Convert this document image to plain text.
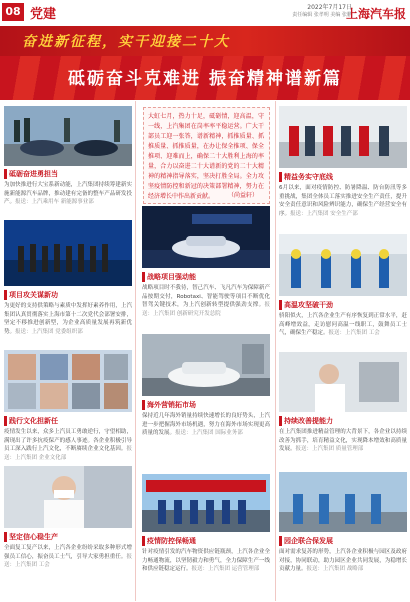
08 党建	2022年7月17日
责任编辑 张孝明 美编 张鹏
上海汽车报
奋进新征程，实干迎接二十大
砥砺奋斗克难进 振奋精神谱新篇
砥砺奋进勇担当
为加快推进行大宝系新动能，上汽集团持续筹建新实施新能源汽车品牌，推动建有完备的整车产品研发投产。报送：上汽乘用车 新能源事业部
项目攻关谋新功
为更好的支持供策略与素质中发挥好素养作用，上汽集团认真贯彻落实上海市第十二次党代会部署安排，坚定不移推进创新型，为企业高质量发展再筑新优势。报送：上汽集团 党委组织部
践行文化担新任
疫情发生以来，众多上汽员工勇敢逆行，守望相助，满现出了许多抗疫保产的感人事迹。各企业积极引导员工深入践行上汽文化，不断赓续企业文化基因。报送：上汽集团 企业文化部
坚定信心稳生产
全面复工复产以来，上汽各企业纷纷采取多种形式增强员工信心，振奋员工士气，引导大家勇担重任。报送：上汽集团 工会
大虹七月，热力十足，砥砺情，迎高温，守一线，上汽集团在岗率率平稳运营。广大干部员工迎一张答，谱新精神，抓推质量、抓推质量、抓推质量，在办让保全推项、保全推项、迎难而上，确保二十大胜利上海的率量，合力以奋进二十大谱新的党的二十大精神的精神指导落实，坚决打胜全局。全力攻坚疫情防控和新冠的决策部署精神，努力在经济增长中作出新贡献。	（尚益轩）
战略项目强动能
战略项目时不我待，智己汽车、飞凡汽车为保障新产品按期交付，Robotaxi、智能驾驶等项目不断优化智驾关键技术，为上汽创新转型提供强劲支撑。报送：上汽集团 创新研究开发总院
海外营销拓市场
保持近几年海外销量持续快速增长的良好势头，上汽进一步把握海外市场机遇，努力在海外市场实现更高质量的发展。报送：上汽集团 国际业务部
疫情防控保畅通
针对疫情引发的汽车物资供应链瓶颈，上汽各企业全力畅通物流，以坚韧毅力和勇气，全力保障生产一线和供应链稳定运行。报送：上汽集团 运营管理部
精益务实守底线
6月以来，面对疫情防控、防暑降温、防台防汛等多重挑战，集团全体员工落实推进安全生产责任，提升安全责任意识和风险辨识能力，确保生产经营安全有序。报送：上汽集团 安全生产部
高温攻坚破干劲
骄阳似火，上汽各企业生产有序恢复到正常水平，赶高峰增效益，走访慰问高温一线职工，鼓舞员工士气，确保生产稳定。报送：上汽集团 工会
持续改善提能力
在上汽集团推进精益管理的大背景下，各企业以持续改善为抓手，培育精益文化，实现降本增效和高质量发展。报送：上汽集团 质量管理部
园企联合保发展
面对需求复苏的形势，上汽各企业积极与园区及政府对接，协同联动，助力园区企业共同发展，为稳增长贡献力量。报送：上汽集团 战略部
